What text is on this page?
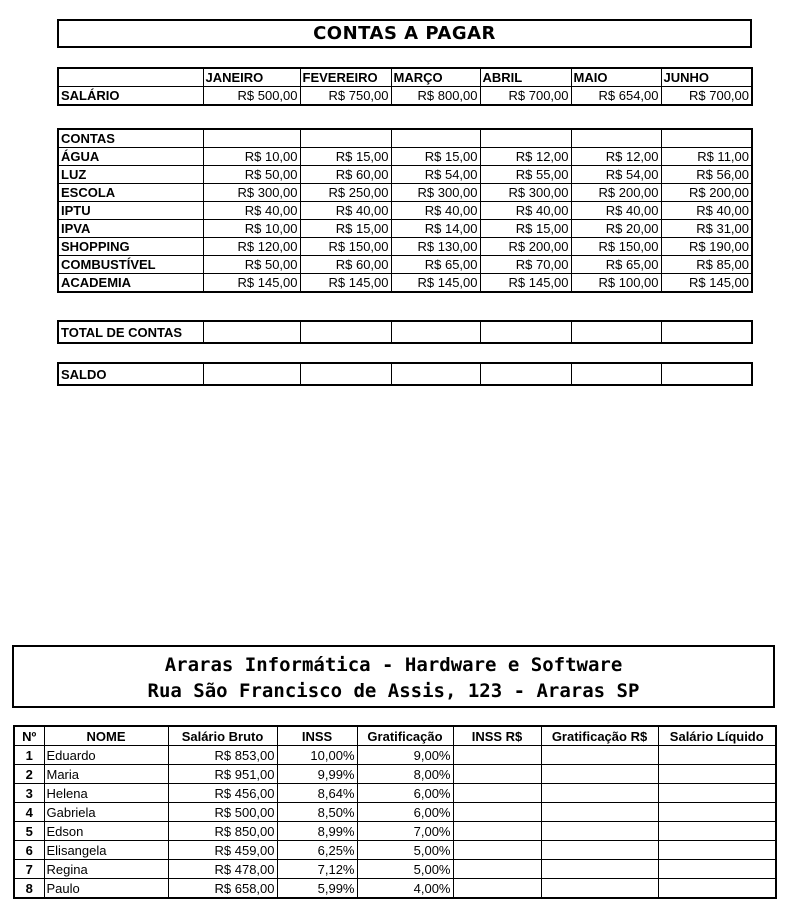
CONTAS A PAGAR
	JANEIRO	FEVEREIRO	MARÇO	ABRIL	MAIO	JUNHO
SALÁRIO	R$ 500,00	R$ 750,00	R$ 800,00	R$ 700,00	R$ 654,00	R$ 700,00
CONTAS						
ÁGUA	R$ 10,00	R$ 15,00	R$ 15,00	R$ 12,00	R$ 12,00	R$ 11,00
LUZ	R$ 50,00	R$ 60,00	R$ 54,00	R$ 55,00	R$ 54,00	R$ 56,00
ESCOLA	R$ 300,00	R$ 250,00	R$ 300,00	R$ 300,00	R$ 200,00	R$ 200,00
IPTU	R$ 40,00	R$ 40,00	R$ 40,00	R$ 40,00	R$ 40,00	R$ 40,00
IPVA	R$ 10,00	R$ 15,00	R$ 14,00	R$ 15,00	R$ 20,00	R$ 31,00
SHOPPING	R$ 120,00	R$ 150,00	R$ 130,00	R$ 200,00	R$ 150,00	R$ 190,00
COMBUSTÍVEL	R$ 50,00	R$ 60,00	R$ 65,00	R$ 70,00	R$ 65,00	R$ 85,00
ACADEMIA	R$ 145,00	R$ 145,00	R$ 145,00	R$ 145,00	R$ 100,00	R$ 145,00
TOTAL DE CONTAS						
SALDO						
Araras Informática - Hardware e Software
Rua São Francisco de Assis, 123 - Araras SP
Nº	NOME	Salário Bruto	INSS	Gratificação	INSS R$	Gratificação R$	Salário Líquido
1	Eduardo	R$ 853,00	10,00%	9,00%			
2	Maria	R$ 951,00	9,99%	8,00%			
3	Helena	R$ 456,00	8,64%	6,00%			
4	Gabriela	R$ 500,00	8,50%	6,00%			
5	Edson	R$ 850,00	8,99%	7,00%			
6	Elisangela	R$ 459,00	6,25%	5,00%			
7	Regina	R$ 478,00	7,12%	5,00%			
8	Paulo	R$ 658,00	5,99%	4,00%			
